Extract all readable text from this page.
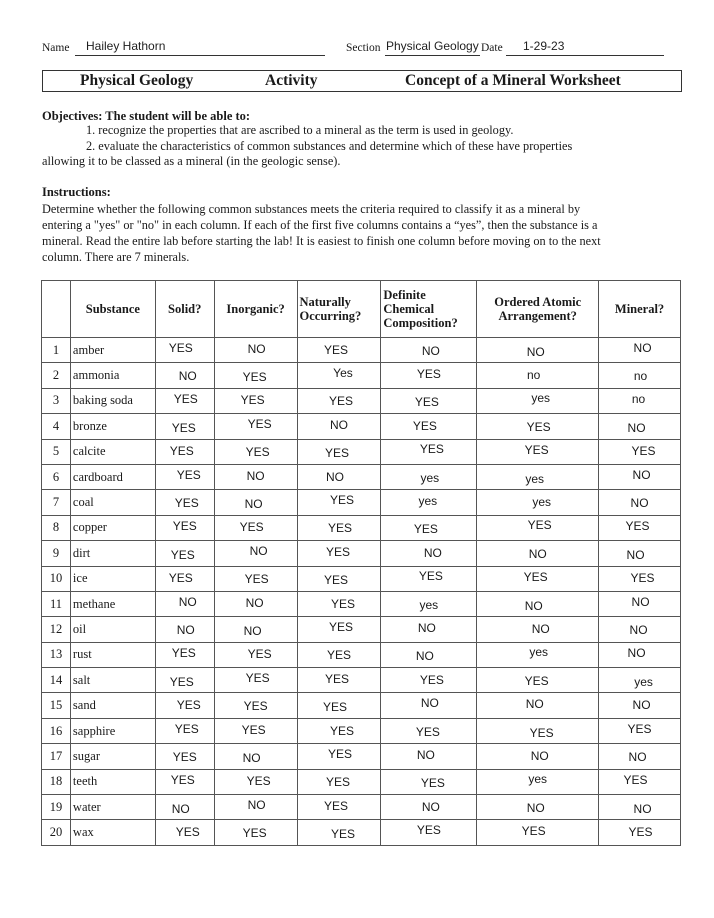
Name Hailey Hathorn	Section Physical Geology Date 1-29-23
Physical Geology	Activity	Concept of a Mineral Worksheet
Objectives: The student will be able to:
1. recognize the properties that are ascribed to a mineral as the term is used in geology.
2. evaluate the characteristics of common substances and determine which of these have properties
allowing it to be classed as a mineral (in the geologic sense).
Instructions:
Determine whether the following common substances meets the criteria required to classify it as a mineral by
entering a "yes" or "no" in each column. If each of the first five columns contains a “yes”, then the substance is a
mineral. Read the entire lab before starting the lab! It is easiest to finish one column before moving on to the next
column. There are 7 minerals.
	Substance	Solid?	Inorganic?	Naturally Occurring?	Definite Chemical Composition?	Ordered Atomic Arrangement?	Mineral?
1	amber	YES	NO	YES	NO	NO	NO
2	ammonia	NO	YES	Yes	YES	no	no
3	baking soda	YES	YES	YES	YES	yes	no
4	bronze	YES	YES	NO	YES	YES	NO
5	calcite	YES	YES	YES	YES	YES	YES
6	cardboard	YES	NO	NO	yes	yes	NO
7	coal	YES	NO	YES	yes	yes	NO
8	copper	YES	YES	YES	YES	YES	YES
9	dirt	YES	NO	YES	NO	NO	NO
10	ice	YES	YES	YES	YES	YES	YES
11	methane	NO	NO	YES	yes	NO	NO
12	oil	NO	NO	YES	NO	NO	NO
13	rust	YES	YES	YES	NO	yes	NO
14	salt	YES	YES	YES	YES	YES	yes
15	sand	YES	YES	YES	NO	NO	NO
16	sapphire	YES	YES	YES	YES	YES	YES
17	sugar	YES	NO	YES	NO	NO	NO
18	teeth	YES	YES	YES	YES	yes	YES
19	water	NO	NO	YES	NO	NO	NO
20	wax	YES	YES	YES	YES	YES	YES
